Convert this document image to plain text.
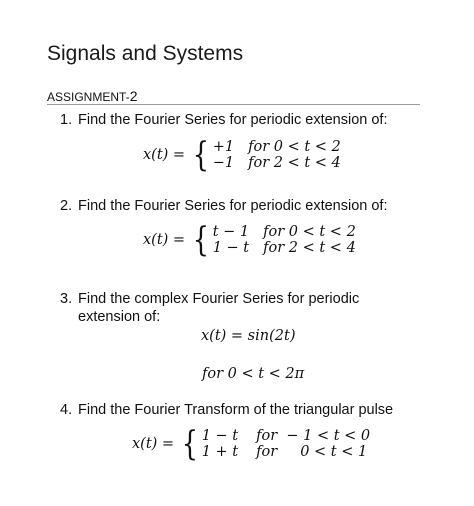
Signals and Systems
ASSIGNMENT-2
1. Find the Fourier Series for periodic extension of:
x(t) = { +1 for 0 < t < 2
−1 for 2 < t < 4
2. Find the Fourier Series for periodic extension of:
x(t) = { t − 1 for 0 < t < 2
1 − t for 2 < t < 4
3. Find the complex Fourier Series for periodic
extension of:
x(t) = sin(2t)
for 0 < t < 2π
4. Find the Fourier Transform of the triangular pulse
x(t) = { 1 − t for  − 1 < t < 0
1 + t for     0 < t < 1
